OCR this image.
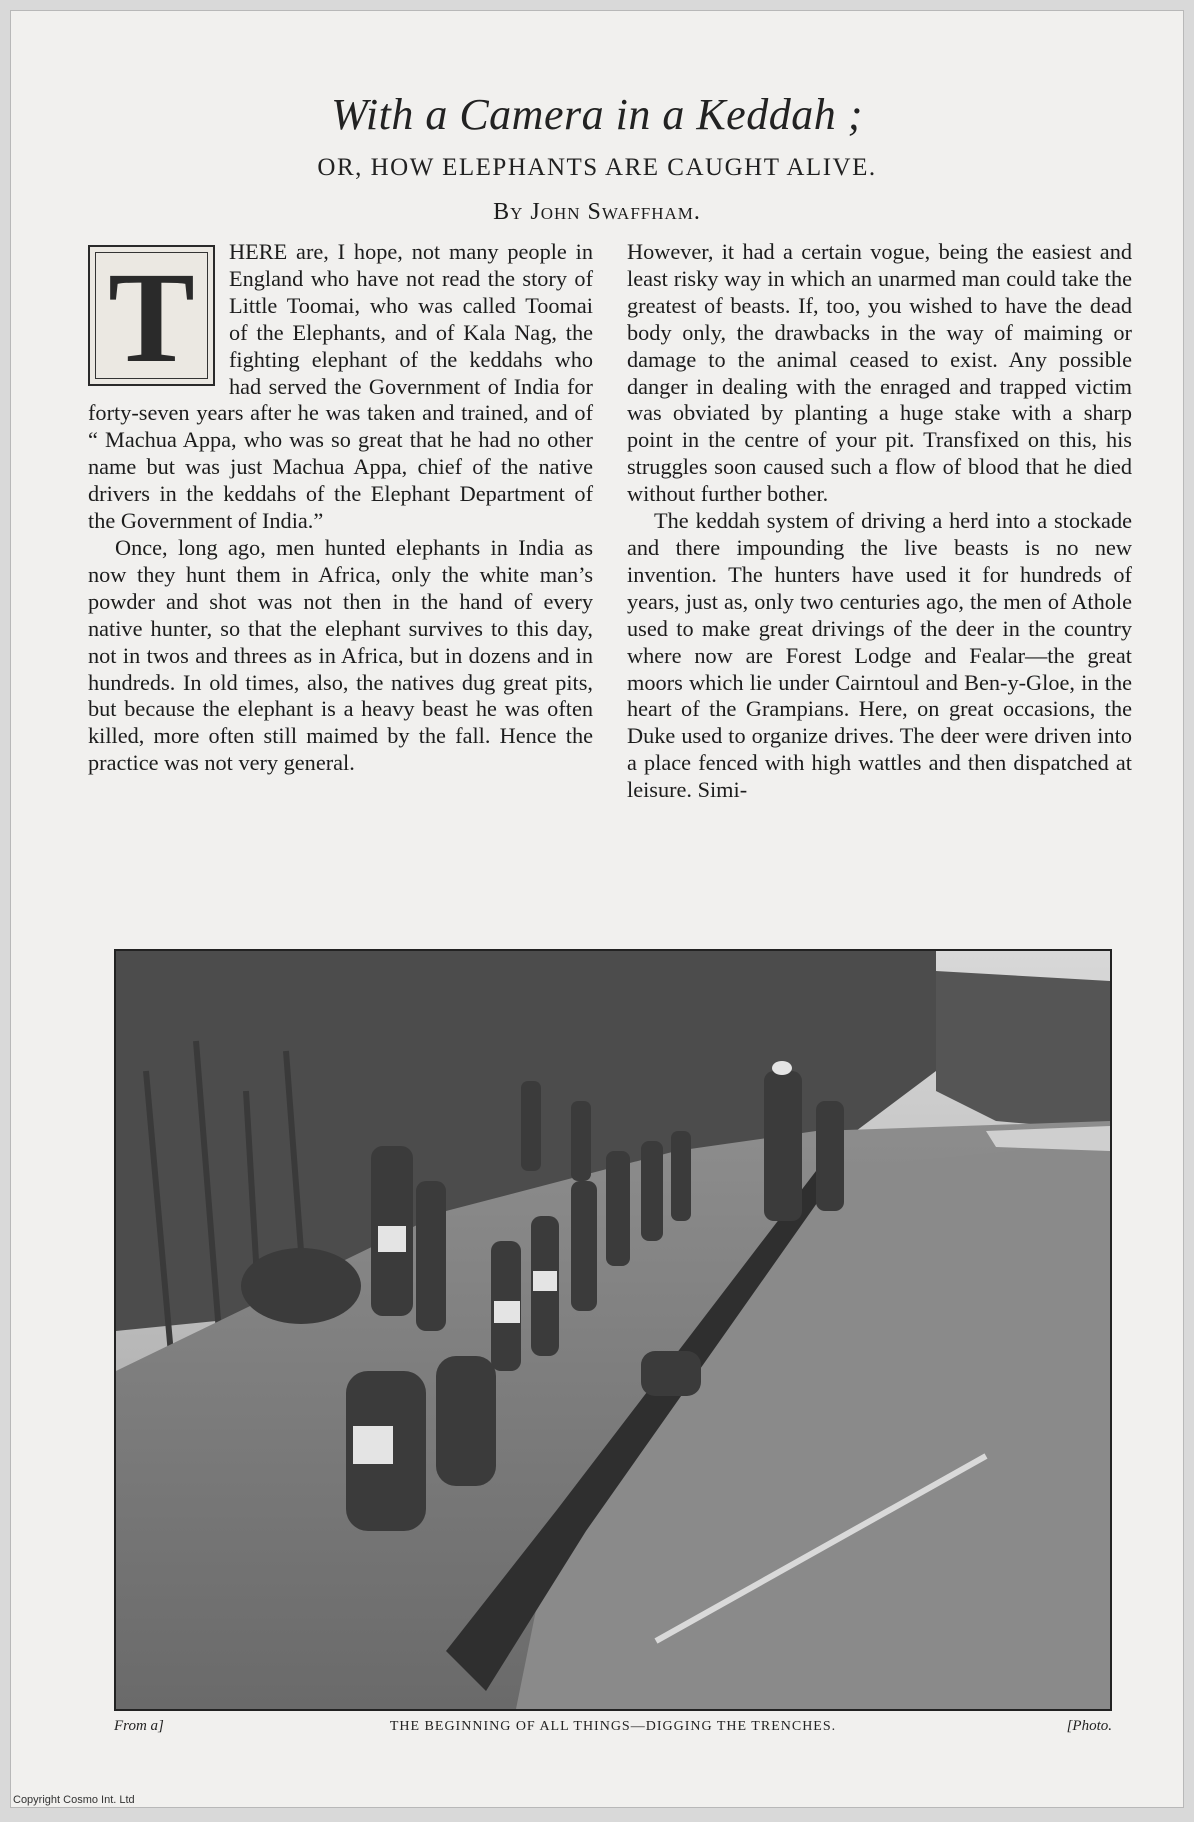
With a Camera in a Keddah ;
OR, HOW ELEPHANTS ARE CAUGHT ALIVE.
By John Swaffham.

T	HERE are, I hope, not many people in England who have not read the story of Little Toomai, who was called Toomai of the Elephants, and of Kala Nag, the fighting elephant of the keddahs who had served the Government of India for forty-seven years after he was taken and trained, and of “ Machua Appa, who was so great that he had no other name but was just Machua Appa, chief of the native drivers in the keddahs of the Elephant Department of the Government of India.”

Once, long ago, men hunted elephants in India as now they hunt them in Africa, only the white man’s powder and shot was not then in the hand of every native hunter, so that the elephant survives to this day, not in twos and threes as in Africa, but in dozens and in hundreds. In old times, also, the natives dug great pits, but because the elephant is a heavy beast he was often killed, more often still maimed by the fall. Hence the practice was not very general.

However, it had a certain vogue, being the easiest and least risky way in which an unarmed man could take the greatest of beasts. If, too, you wished to have the dead body only, the drawbacks in the way of maiming or damage to the animal ceased to exist. Any possible danger in dealing with the enraged and trapped victim was obviated by planting a huge stake with a sharp point in the centre of your pit. Transfixed on this, his struggles soon caused such a flow of blood that he died without further bother.

The keddah system of driving a herd into a stockade and there impounding the live beasts is no new invention. The hunters have used it for hundreds of years, just as, only two centuries ago, the men of Athole used to make great drivings of the deer in the country where now are Forest Lodge and Fealar—the great moors which lie under Cairntoul and Ben-y-Gloe, in the heart of the Grampians. Here, on great occasions, the Duke used to organize drives. The deer were driven into a place fenced with high wattles and then dispatched at leisure. Simi-

From a]	THE BEGINNING OF ALL THINGS—DIGGING THE TRENCHES.	[Photo.
Copyright Cosmo Int. Ltd
